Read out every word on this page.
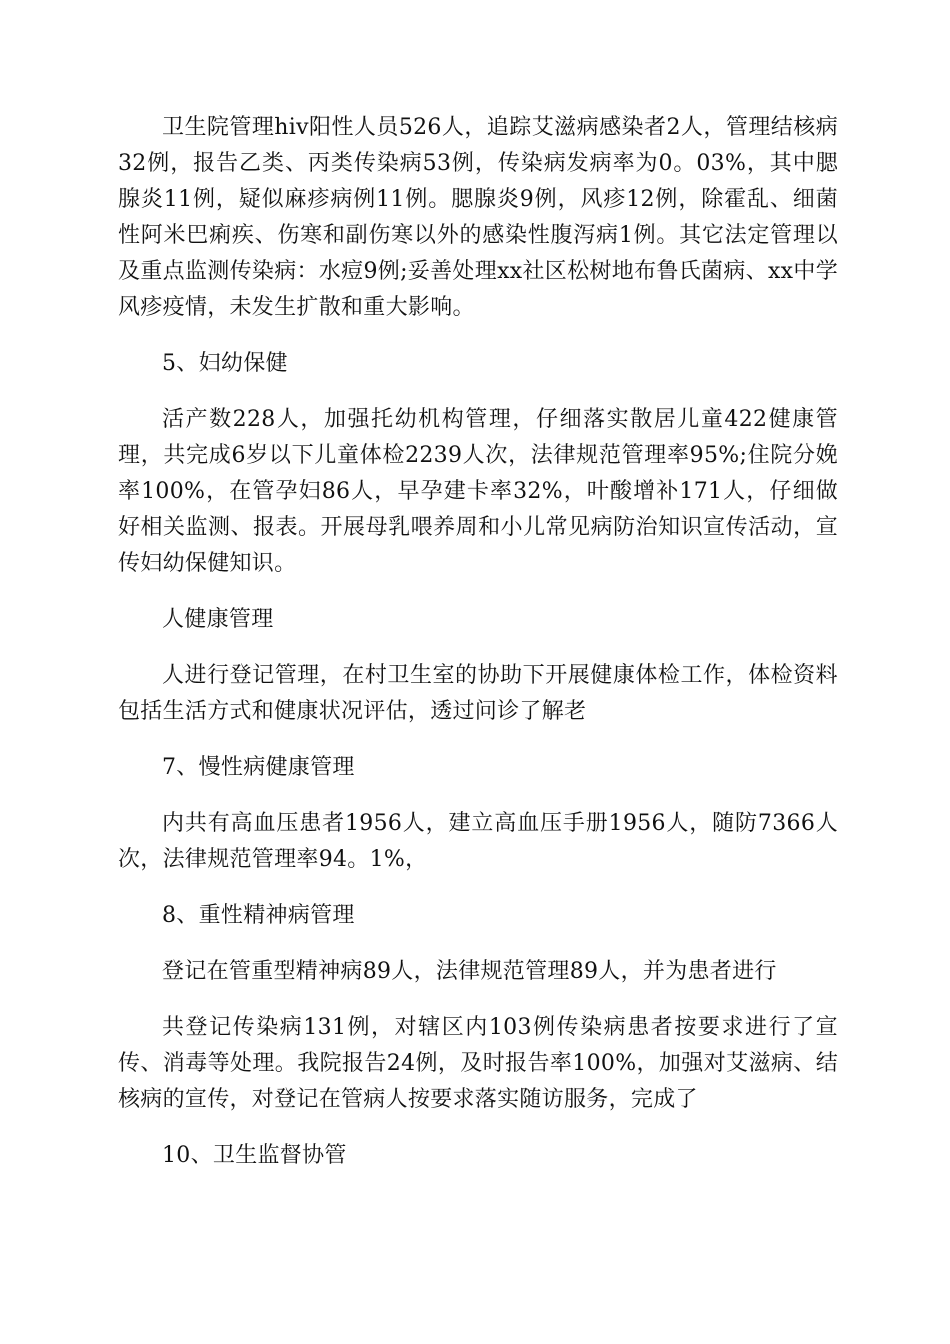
卫生院管理hiv阳性人员526人，追踪艾滋病感染者2人，管理结核病32例，报告乙类、丙类传染病53例，传染病发病率为0。03%，其中腮腺炎11例，疑似麻疹病例11例。腮腺炎9例，风疹12例，除霍乱、细菌性阿米巴痢疾、伤寒和副伤寒以外的感染性腹泻病1例。其它法定管理以及重点监测传染病：水痘9例;妥善处理xx社区松树地布鲁氏菌病、xx中学风疹疫情，未发生扩散和重大影响。

5、妇幼保健

活产数228人，加强托幼机构管理，仔细落实散居儿童422健康管理，共完成6岁以下儿童体检2239人次，法律规范管理率95%;住院分娩率100%，在管孕妇86人，早孕建卡率32%，叶酸增补171人，仔细做好相关监测、报表。开展母乳喂养周和小儿常见病防治知识宣传活动，宣传妇幼保健知识。

人健康管理

人进行登记管理，在村卫生室的协助下开展健康体检工作，体检资料包括生活方式和健康状况评估，透过问诊了解老

7、慢性病健康管理

内共有高血压患者1956人，建立高血压手册1956人，随防7366人次，法律规范管理率94。1%，

8、重性精神病管理

登记在管重型精神病89人，法律规范管理89人，并为患者进行

共登记传染病131例，对辖区内103例传染病患者按要求进行了宣传、消毒等处理。我院报告24例，及时报告率100%，加强对艾滋病、结核病的宣传，对登记在管病人按要求落实随访服务，完成了

10、卫生监督协管
